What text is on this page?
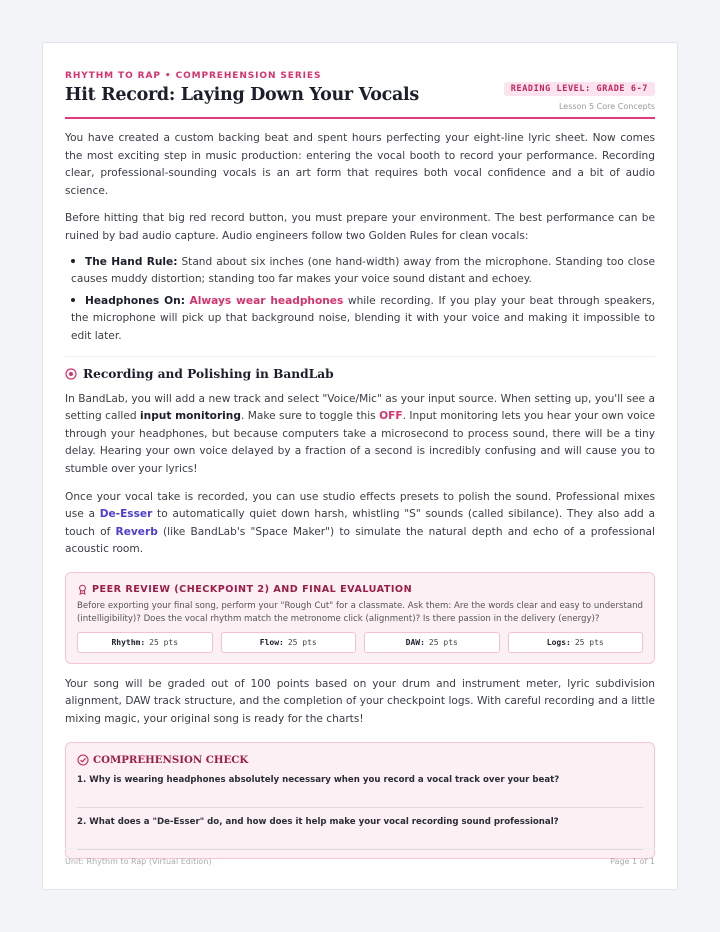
RHYTHM TO RAP • COMPREHENSION SERIES
Hit Record: Laying Down Your Vocals	READING LEVEL: GRADE 6-7
Lesson 5 Core Concepts

You have created a custom backing beat and spent hours perfecting your eight-line lyric sheet. Now comes the most exciting step in music production: entering the vocal booth to record your performance. Recording clear, professional-sounding vocals is an art form that requires both vocal confidence and a bit of audio science.

Before hitting that big red record button, you must prepare your environment. The best performance can be ruined by bad audio capture. Audio engineers follow two Golden Rules for clean vocals:

The Hand Rule: Stand about six inches (one hand-width) away from the microphone. Standing too close causes muddy distortion; standing too far makes your voice sound distant and echoey.
Headphones On: Always wear headphones while recording. If you play your beat through speakers, the microphone will pick up that background noise, blending it with your voice and making it impossible to edit later.
Recording and Polishing in BandLab

In BandLab, you will add a new track and select "Voice/Mic" as your input source. When setting up, you'll see a setting called input monitoring. Make sure to toggle this OFF. Input monitoring lets you hear your own voice through your headphones, but because computers take a microsecond to process sound, there will be a tiny delay. Hearing your own voice delayed by a fraction of a second is incredibly confusing and will cause you to stumble over your lyrics!

Once your vocal take is recorded, you can use studio effects presets to polish the sound. Professional mixes use a De-Esser to automatically quiet down harsh, whistling "S" sounds (called sibilance). They also add a touch of Reverb (like BandLab's "Space Maker") to simulate the natural depth and echo of a professional acoustic room.

PEER REVIEW (CHECKPOINT 2) AND FINAL EVALUATION
Before exporting your final song, perform your "Rough Cut" for a classmate. Ask them: Are the words clear and easy to understand (intelligibility)? Does the vocal rhythm match the metronome click (alignment)? Is there passion in the delivery (energy)?
Rhythm: 25 pts	Flow: 25 pts	DAW: 25 pts	Logs: 25 pts

Your song will be graded out of 100 points based on your drum and instrument meter, lyric subdivision alignment, DAW track structure, and the completion of your checkpoint logs. With careful recording and a little mixing magic, your original song is ready for the charts!

COMPREHENSION CHECK
1. Why is wearing headphones absolutely necessary when you record a vocal track over your beat?
2. What does a "De-Esser" do, and how does it help make your vocal recording sound professional?
Unit: Rhythm to Rap (Virtual Edition)	Page 1 of 1
